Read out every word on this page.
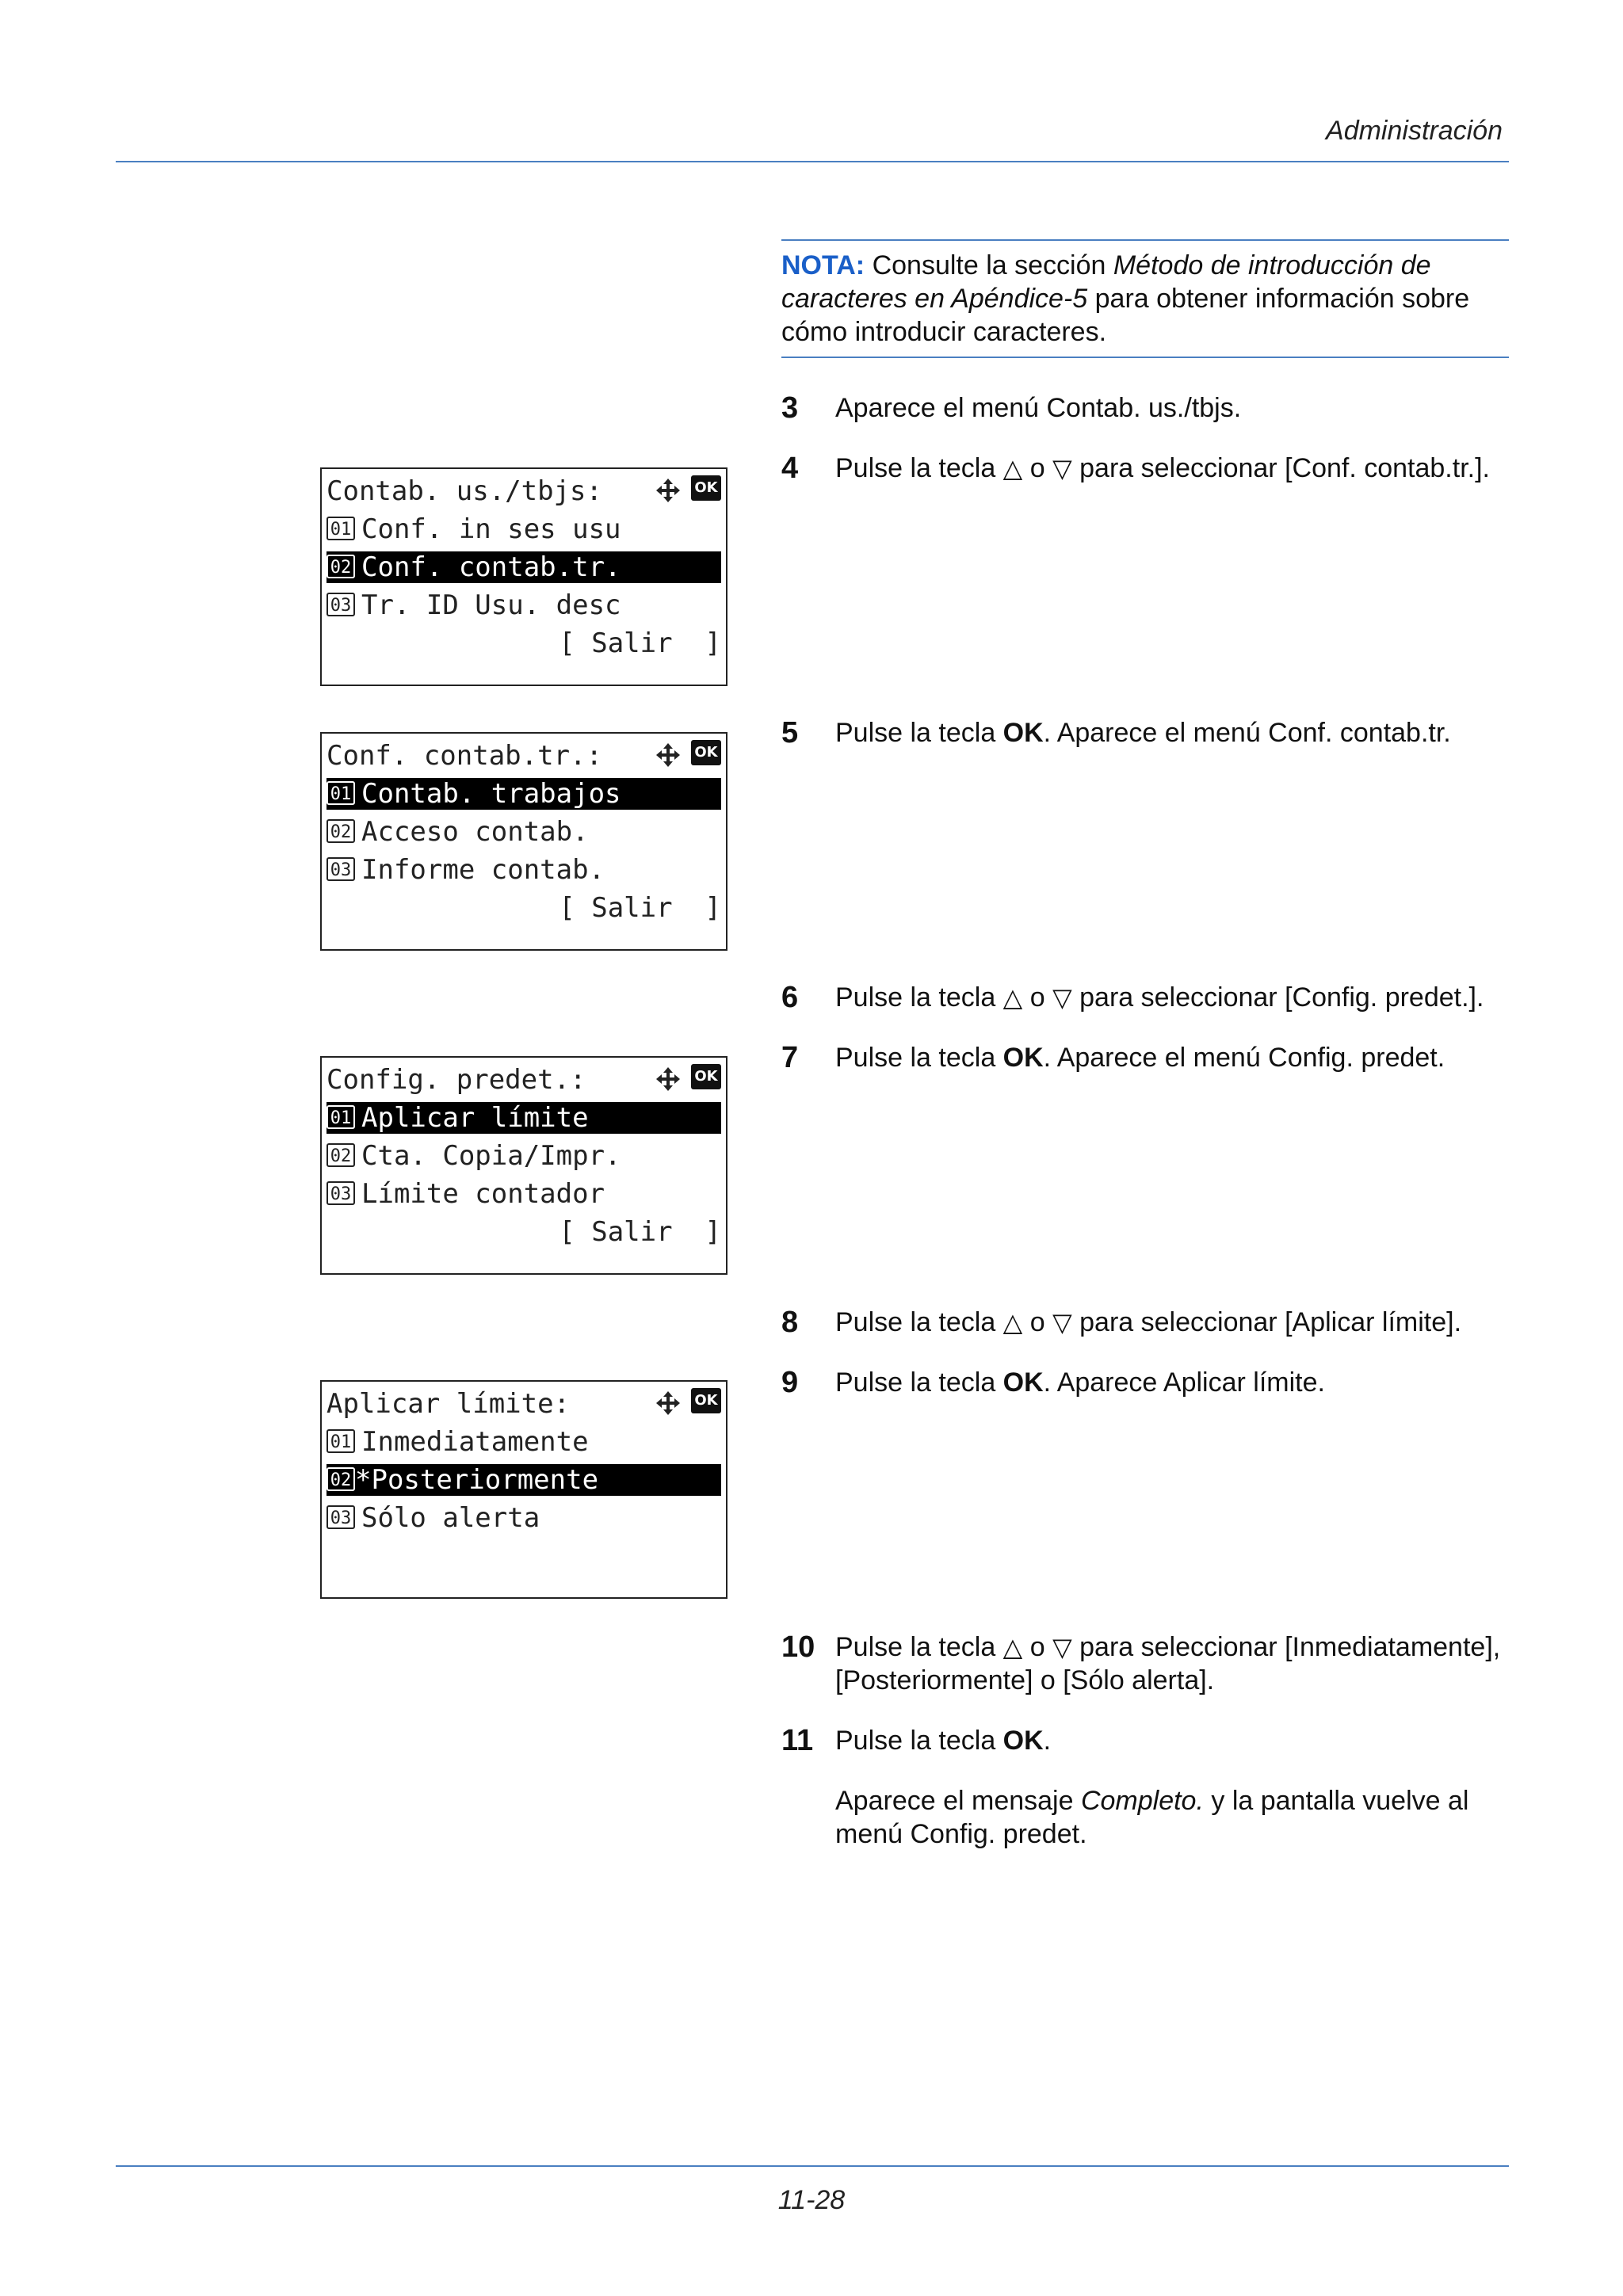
Administración
NOTA: Consulte la sección Método de introducción de caracteres en Apéndice-5 para obtener información sobre cómo introducir caracteres.
3 Aparece el menú Contab. us./tbjs.
4 Pulse la tecla △ o ▽ para seleccionar [Conf. contab.tr.].
5 Pulse la tecla OK. Aparece el menú Conf. contab.tr.
6 Pulse la tecla △ o ▽ para seleccionar [Config. predet.].
7 Pulse la tecla OK. Aparece el menú Config. predet.
8 Pulse la tecla △ o ▽ para seleccionar [Aplicar límite].
9 Pulse la tecla OK. Aparece Aplicar límite.
10 Pulse la tecla △ o ▽ para seleccionar [Inmediatamente], [Posteriormente] o [Sólo alerta].
11 Pulse la tecla OK.
Aparece el mensaje Completo. y la pantalla vuelve al menú Config. predet.
Contab. us./tbjs:	OK
01 Conf. in ses usu
02 Conf. contab.tr.
03 Tr. ID Usu. desc
[ Salir  ]
Conf. contab.tr.:	OK
01 Contab. trabajos
02 Acceso contab.
03 Informe contab.
[ Salir  ]
Config. predet.:	OK
01 Aplicar límite
02 Cta. Copia/Impr.
03 Límite contador
[ Salir  ]
Aplicar límite:	OK
01 Inmediatamente
02 *Posteriormente
03 Sólo alerta
11-28
